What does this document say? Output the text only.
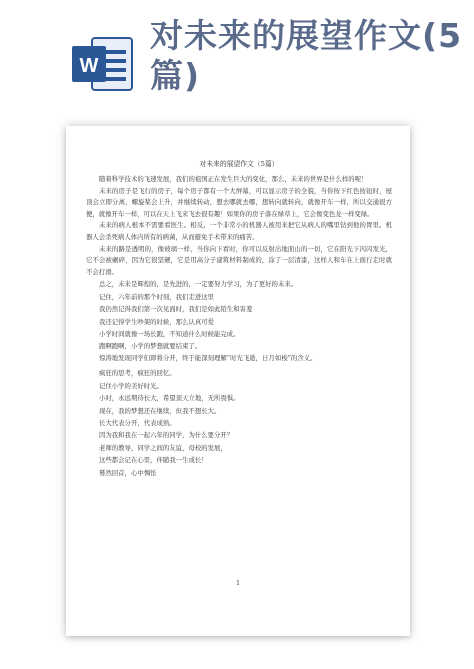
W
对未来的展望作文(5篇)
对未来的展望作文（5篇）

随着科学技术的飞速发展，我们的祖国正在发生巨大的变化，那么，未来的世界是什么样的呢！

未来的房子是飞行的房子，每个房子都有一个大屏幕，可以显示房子的全貌，当你按下红色按钮时，屋顶会立即分离，螺旋桨会上升，并继续转动，想去哪就去哪，想转向就转向，就像开车一样，所以交通很方便，就像开车一样，可以在天上飞来飞去很有趣！如果你的房子落在绿草上，它会像变色龙一样变绿。

未来的病人根本不需要看医生。相反，一个非常小的机器人被用来把它从病人的嘴里钻到他的胃里。机器人会杀死病人体内所有的病菌，从而避免手术带来的痛苦。

未来的路是透明的，像玻璃一样，当你向下看时，你可以反射出地面山的一切，它在阳光下闪闪发光，它不会被碾碎，因为它很坚硬，它是用高分子建筑材料制成的，涂了一层清漆，这样人和车在上面行走时就不会打滑。

总之，未来是辉煌的，是先进的，一定要努力学习，为了更好的未来。

记住，六年前的那个时刻，我们走进这里

我仍然记得我们第一次见面时，我们是如此陌生和害羞

我还记得学生吵架的时候，那么认真可爱

小学时间就像一场长跑，不知道什么时候能完成。

跑啊跑啊，小学的梦想就要结束了。

惊涛地发现同学们即将分开，终于能深刻理解“时光飞逝，日月如梭”的含义。

疯狂的思考，疯狂的回忆。

记住小学的美好时光。

小时，永远期待长大，希望顶天立地，无所畏惧。

现在，我的梦想还在继续，但我不想长大。

长大代表分开，代表成熟。

因为我和我在一起六年的同学，为什么要分开？

老师的教导，同学之间的友谊，母校的发展，

这些都会记在心里，伴随我一生成长！

蓦然回首，心中惆怅

1
